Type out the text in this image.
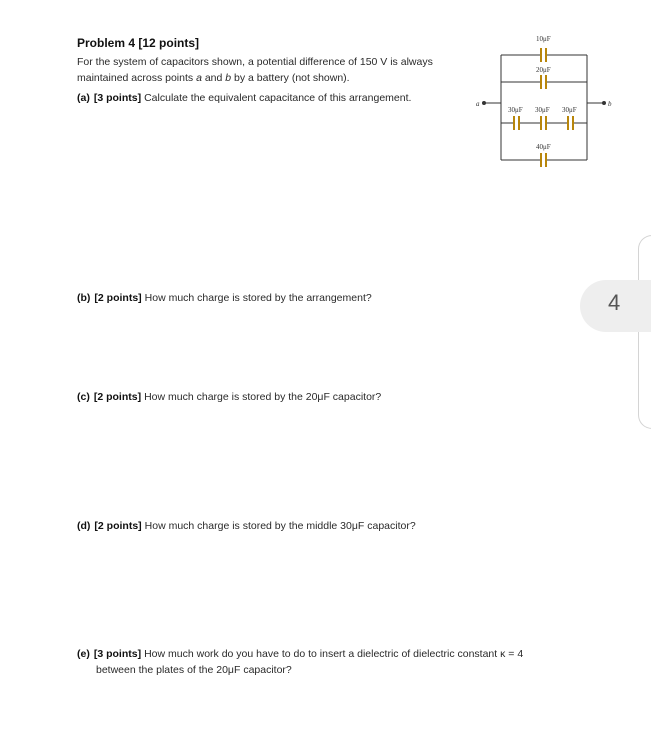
Problem 4 [12 points]
For the system of capacitors shown, a potential difference of 150 V is always
maintained across points a and b by a battery (not shown).
(a) [3 points] Calculate the equivalent capacitance of this arrangement.
(b) [2 points] How much charge is stored by the arrangement?
(c) [2 points] How much charge is stored by the 20μF capacitor?
(d) [2 points] How much charge is stored by the middle 30μF capacitor?
(e) [3 points] How much work do you have to do to insert a dielectric of dielectric constant κ = 4
between the plates of the 20μF capacitor?
a	b
10μF
20μF
30μF 30μF 30μF
40μF
4
